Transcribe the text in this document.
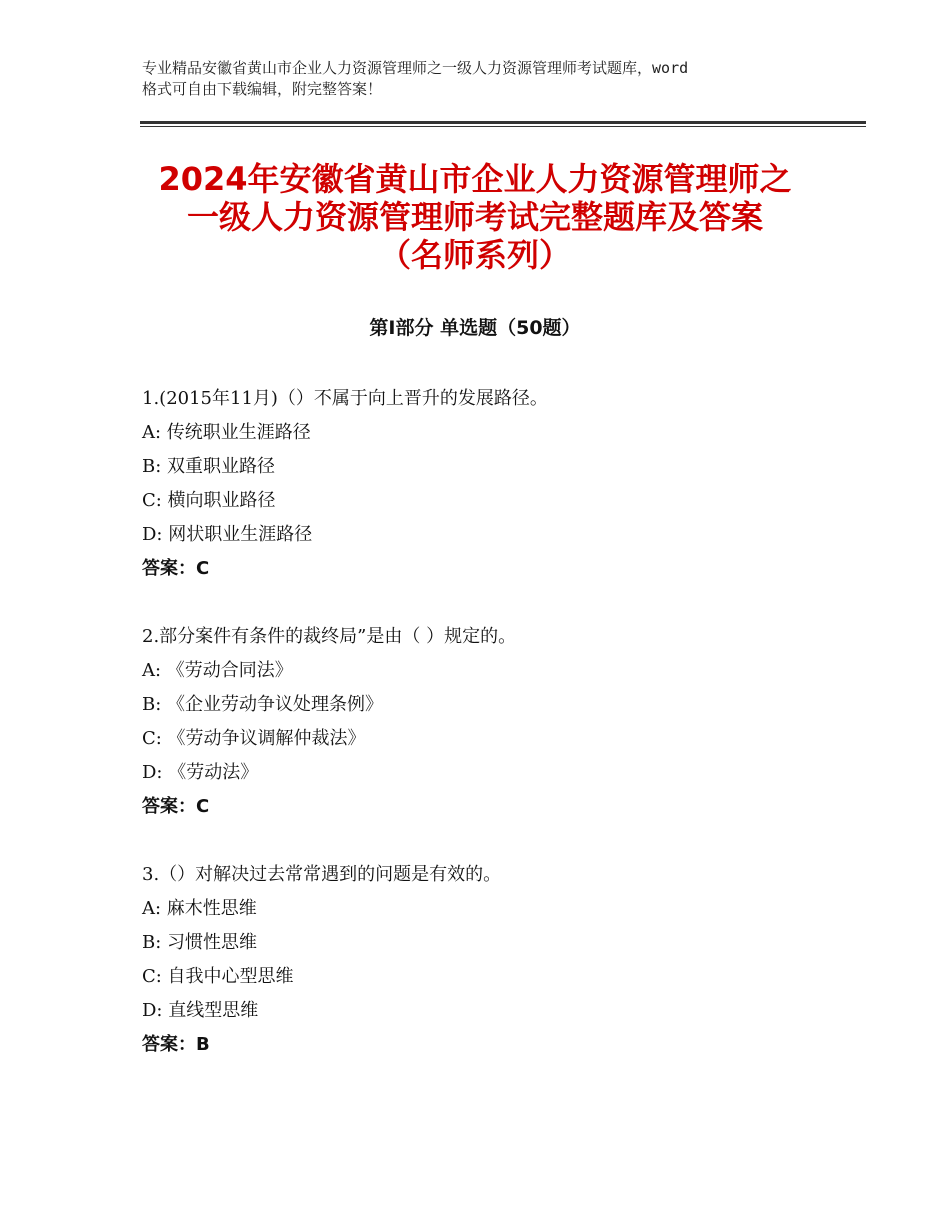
专业精品安徽省黄山市企业人力资源管理师之一级人力资源管理师考试题库，word
格式可自由下载编辑，附完整答案！
2024年安徽省黄山市企业人力资源管理师之
一级人力资源管理师考试完整题库及答案
（名师系列）
第Ⅰ部分 单选题（50题）
1.(2015年11月)（）不属于向上晋升的发展路径。
A: 传统职业生涯路径
B: 双重职业路径
C: 横向职业路径
D: 网状职业生涯路径
答案：C
2.部分案件有条件的裁终局”是由（ ）规定的。
A: 《劳动合同法》
B: 《企业劳动争议处理条例》
C: 《劳动争议调解仲裁法》
D: 《劳动法》
答案：C
3.（）对解决过去常常遇到的问题是有效的。
A: 麻木性思维
B: 习惯性思维
C: 自我中心型思维
D: 直线型思维
答案：B
